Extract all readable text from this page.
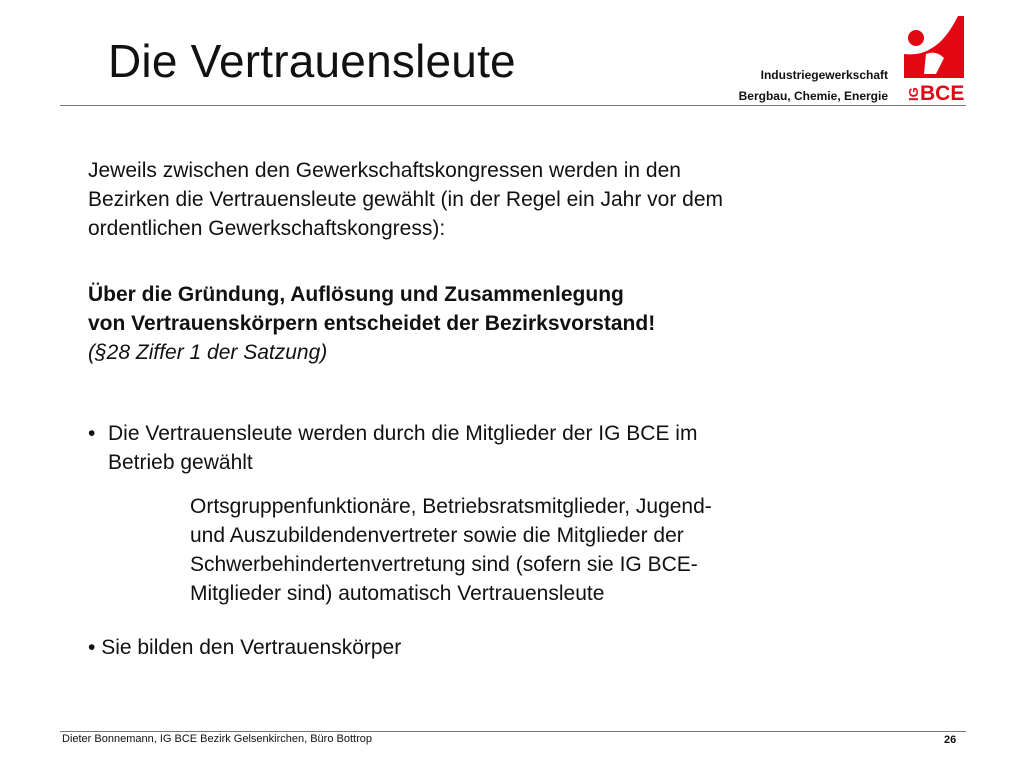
Die Vertrauensleute	Industriegewerkschaft
Bergbau, Chemie, Energie IG BCE
Jeweils zwischen den Gewerkschaftskongressen werden in den
Bezirken die Vertrauensleute gewählt (in der Regel ein Jahr vor dem
ordentlichen Gewerkschaftskongress):
Über die Gründung, Auflösung und Zusammenlegung
von Vertrauenskörpern entscheidet der Bezirksvorstand!
(§28 Ziffer 1 der Satzung)
• Die Vertrauensleute werden durch die Mitglieder der IG BCE im
Betrieb gewählt
Ortsgruppenfunktionäre, Betriebsratsmitglieder, Jugend-
und Auszubildendenvertreter sowie die Mitglieder der
Schwerbehindertenvertretung sind (sofern sie IG BCE-
Mitglieder sind) automatisch Vertrauensleute
• Sie bilden den Vertrauenskörper
Dieter Bonnemann, IG BCE Bezirk Gelsenkirchen, Büro Bottrop	26
